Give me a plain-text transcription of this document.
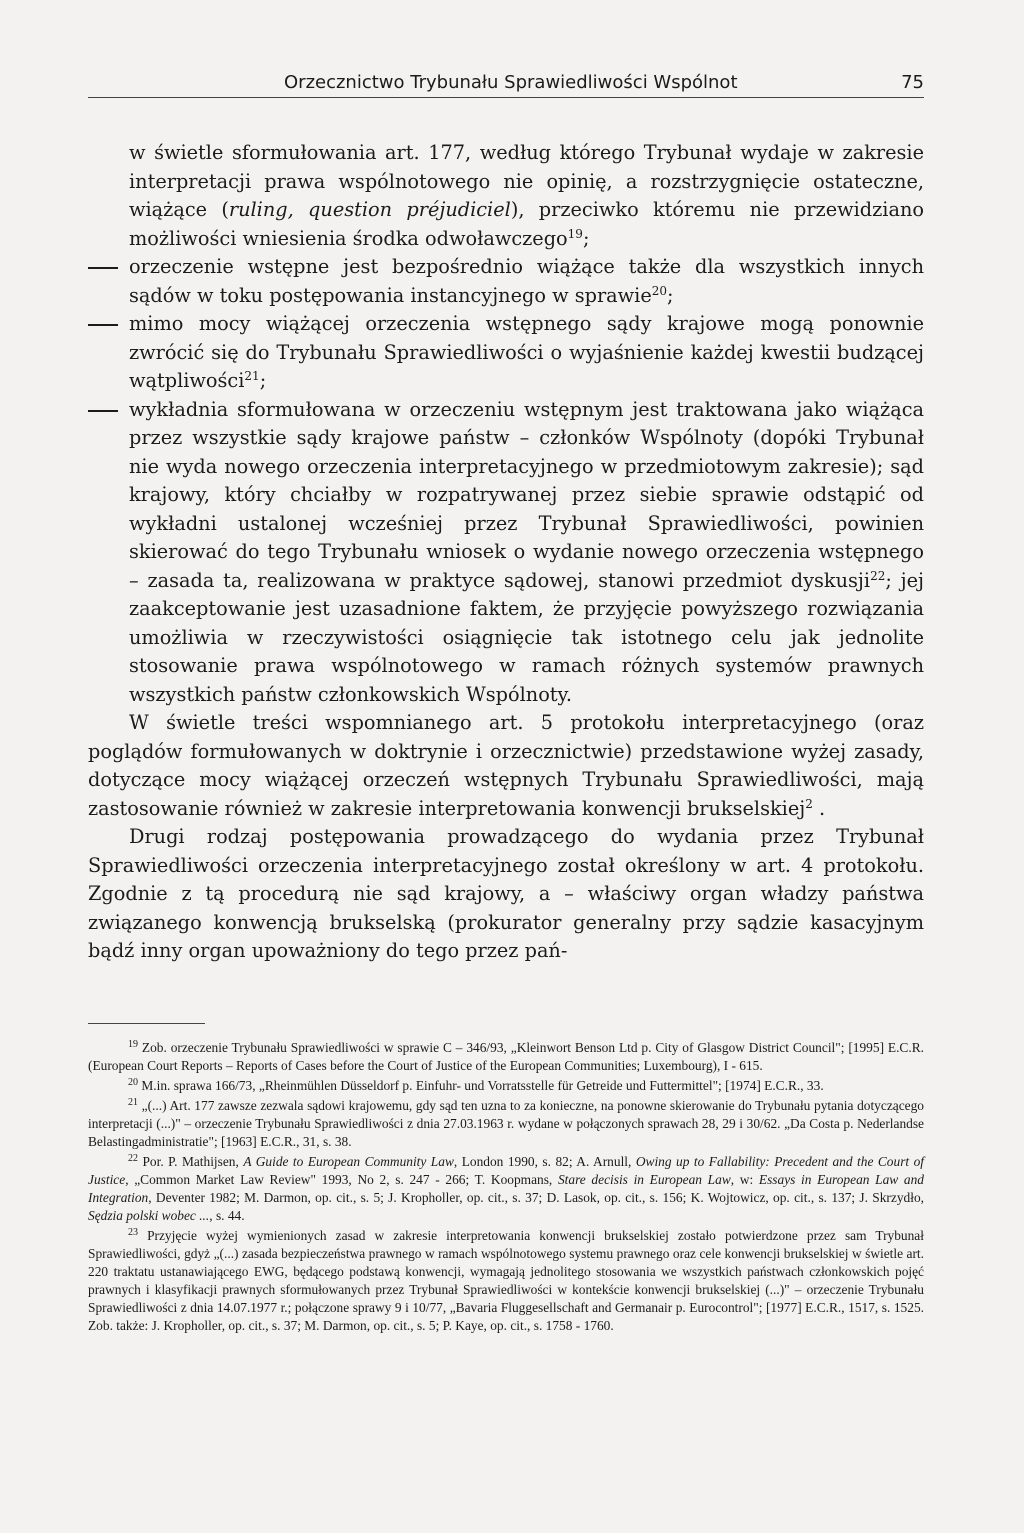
Orzecznictwo Trybunału Sprawiedliwości Wspólnot	75

w świetle sformułowania art. 177, według którego Trybunał wydaje w zakresie interpretacji prawa wspólnotowego nie opinię, a rozstrzygnięcie ostateczne, wiążące (ruling, question préjudiciel), przeciwko któremu nie przewidziano możliwości wniesienia środka odwoławczego$^{19}$;

orzeczenie wstępne jest bezpośrednio wiążące także dla wszystkich innych sądów w toku postępowania instancyjnego w sprawie$^{20}$;

mimo mocy wiążącej orzeczenia wstępnego sądy krajowe mogą ponownie zwrócić się do Trybunału Sprawiedliwości o wyjaśnienie każdej kwestii budzącej wątpliwości$^{21}$;

wykładnia sformułowana w orzeczeniu wstępnym jest traktowana jako wiążąca przez wszystkie sądy krajowe państw – członków Wspólnoty (dopóki Trybunał nie wyda nowego orzeczenia interpretacyjnego w przedmiotowym zakresie); sąd krajowy, który chciałby w rozpatrywanej przez siebie sprawie odstąpić od wykładni ustalonej wcześniej przez Trybunał Sprawiedliwości, powinien skierować do tego Trybunału wniosek o wydanie nowego orzeczenia wstępnego – zasada ta, realizowana w praktyce sądowej, stanowi przedmiot dyskusji$^{22}$; jej zaakceptowanie jest uzasadnione faktem, że przyjęcie powyższego rozwiązania umożliwia w rzeczywistości osiągnięcie tak istotnego celu jak jednolite stosowanie prawa wspólnotowego w ramach różnych systemów prawnych wszystkich państw członkowskich Wspólnoty.

W świetle treści wspomnianego art. 5 protokołu interpretacyjnego (oraz poglądów formułowanych w doktrynie i orzecznictwie) przedstawione wyżej zasady, dotyczące mocy wiążącej orzeczeń wstępnych Trybunału Sprawiedliwości, mają zastosowanie również w zakresie interpretowania konwencji brukselskiej$^2$ .

Drugi rodzaj postępowania prowadzącego do wydania przez Trybunał Sprawiedliwości orzeczenia interpretacyjnego został określony w art. 4 protokołu. Zgodnie z tą procedurą nie sąd krajowy, a – właściwy organ władzy państwa związanego konwencją brukselską (prokurator generalny przy sądzie kasacyjnym bądź inny organ upoważniony do tego przez pań-

$^{19}$ Zob. orzeczenie Trybunału Sprawiedliwości w sprawie C – 346/93, „Kleinwort Benson Ltd p. City of Glasgow District Council"; [1995] E.C.R. (European Court Reports – Reports of Cases before the Court of Justice of the European Communities; Luxembourg), I - 615.

$^{20}$ M.in. sprawa 166/73, „Rheinmühlen Düsseldorf p. Einfuhr- und Vorratsstelle für Getreide und Futtermittel"; [1974] E.C.R., 33.

$^{21}$ „(...) Art. 177 zawsze zezwala sądowi krajowemu, gdy sąd ten uzna to za konieczne, na ponowne skierowanie do Trybunału pytania dotyczącego interpretacji (...)" – orzeczenie Trybunału Sprawiedliwości z dnia 27.03.1963 r. wydane w połączonych sprawach 28, 29 i 30/62. „Da Costa p. Nederlandse Belastingadministratie"; [1963] E.C.R., 31, s. 38.

$^{22}$ Por. P. Mathijsen, A Guide to European Community Law, London 1990, s. 82; A. Arnull, Owing up to Fallability: Precedent and the Court of Justice, „Common Market Law Review" 1993, No 2, s. 247 - 266; T. Koopmans, Stare decisis in European Law, w: Essays in European Law and Integration, Deventer 1982; M. Darmon, op. cit., s. 5; J. Kropholler, op. cit., s. 37; D. Lasok, op. cit., s. 156; K. Wojtowicz, op. cit., s. 137; J. Skrzydło, Sędzia polski wobec ..., s. 44.

$^{23}$ Przyjęcie wyżej wymienionych zasad w zakresie interpretowania konwencji brukselskiej zostało potwierdzone przez sam Trybunał Sprawiedliwości, gdyż „(...) zasada bezpieczeństwa prawnego w ramach wspólnotowego systemu prawnego oraz cele konwencji brukselskiej w świetle art. 220 traktatu ustanawiającego EWG, będącego podstawą konwencji, wymagają jednolitego stosowania we wszystkich państwach członkowskich pojęć prawnych i klasyfikacji prawnych sformułowanych przez Trybunał Sprawiedliwości w kontekście konwencji brukselskiej (...)" – orzeczenie Trybunału Sprawiedliwości z dnia 14.07.1977 r.; połączone sprawy 9 i 10/77, „Bavaria Fluggesellschaft and Germanair p. Eurocontrol"; [1977] E.C.R., 1517, s. 1525. Zob. także: J. Kropholler, op. cit., s. 37; M. Darmon, op. cit., s. 5; P. Kaye, op. cit., s. 1758 - 1760.
